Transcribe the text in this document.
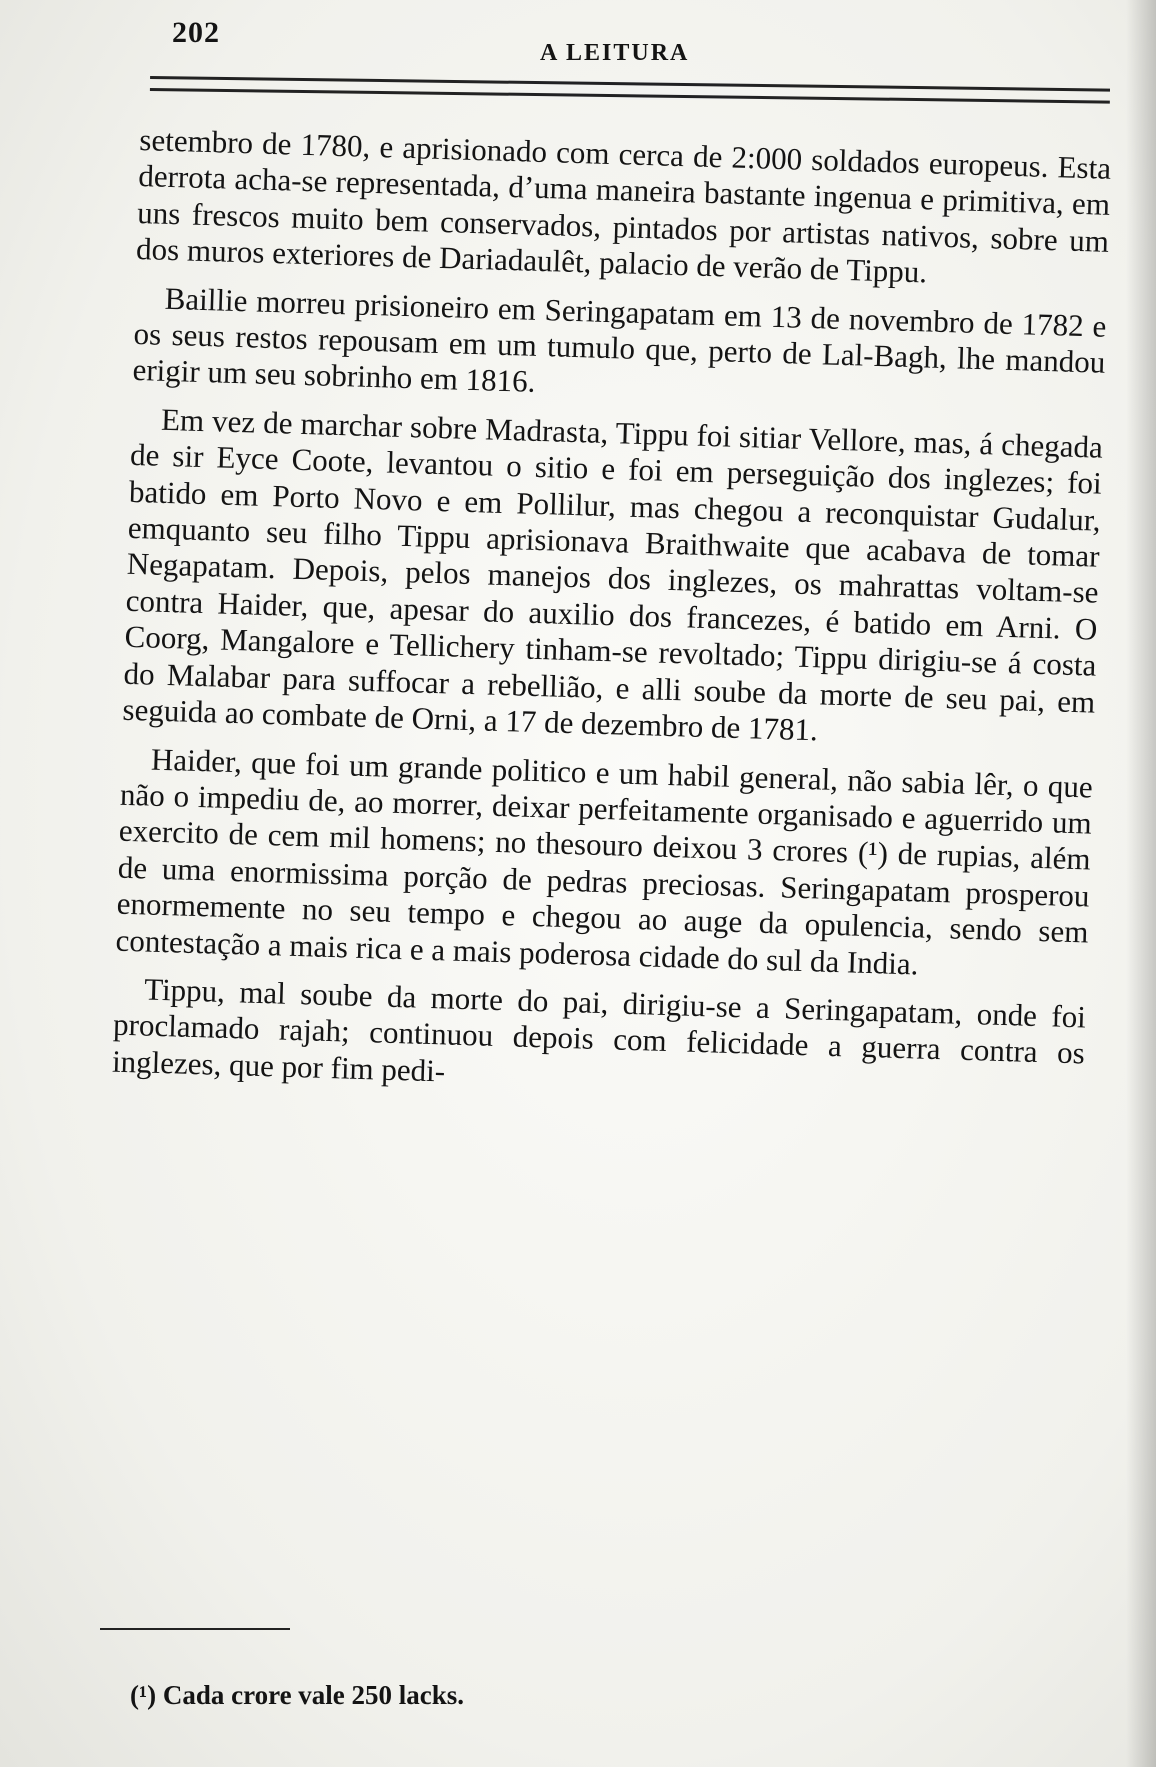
202
A LEITURA

setembro de 1780, e aprisionado com cerca de 2:000 soldados europeus. Esta derrota acha-se representada, d’uma maneira bastante ingenua e primitiva, em uns frescos muito bem conservados, pintados por artistas nativos, sobre um dos muros exteriores de Dariadaulêt, palacio de verão de Tippu.

Baillie morreu prisioneiro em Seringapatam em 13 de novembro de 1782 e os seus restos repousam em um tumulo que, perto de Lal-Bagh, lhe mandou erigir um seu sobrinho em 1816.

Em vez de marchar sobre Madrasta, Tippu foi sitiar Vellore, mas, á chegada de sir Eyce Coote, levantou o sitio e foi em perseguição dos inglezes; foi batido em Porto Novo e em Pollilur, mas chegou a reconquistar Gudalur, emquanto seu filho Tippu aprisionava Braithwaite que acabava de tomar Negapatam. Depois, pelos manejos dos inglezes, os mahrattas voltam-se contra Haider, que, apesar do auxilio dos francezes, é batido em Arni. O Coorg, Mangalore e Tellichery tinham-se revoltado; Tippu dirigiu-se á costa do Malabar para suffocar a rebellião, e alli soube da morte de seu pai, em seguida ao combate de Orni, a 17 de dezembro de 1781.

Haider, que foi um grande politico e um habil general, não sabia lêr, o que não o impediu de, ao morrer, deixar perfeitamente organisado e aguerrido um exercito de cem mil homens; no thesouro deixou 3 crores (¹) de rupias, além de uma enormissima porção de pedras preciosas. Seringapatam prosperou enormemente no seu tempo e chegou ao auge da opulencia, sendo sem contestação a mais rica e a mais poderosa cidade do sul da India.

Tippu, mal soube da morte do pai, dirigiu-se a Seringapatam, onde foi proclamado rajah; continuou depois com felicidade a guerra contra os inglezes, que por fim pedi-

(¹) Cada crore vale 250 lacks.
